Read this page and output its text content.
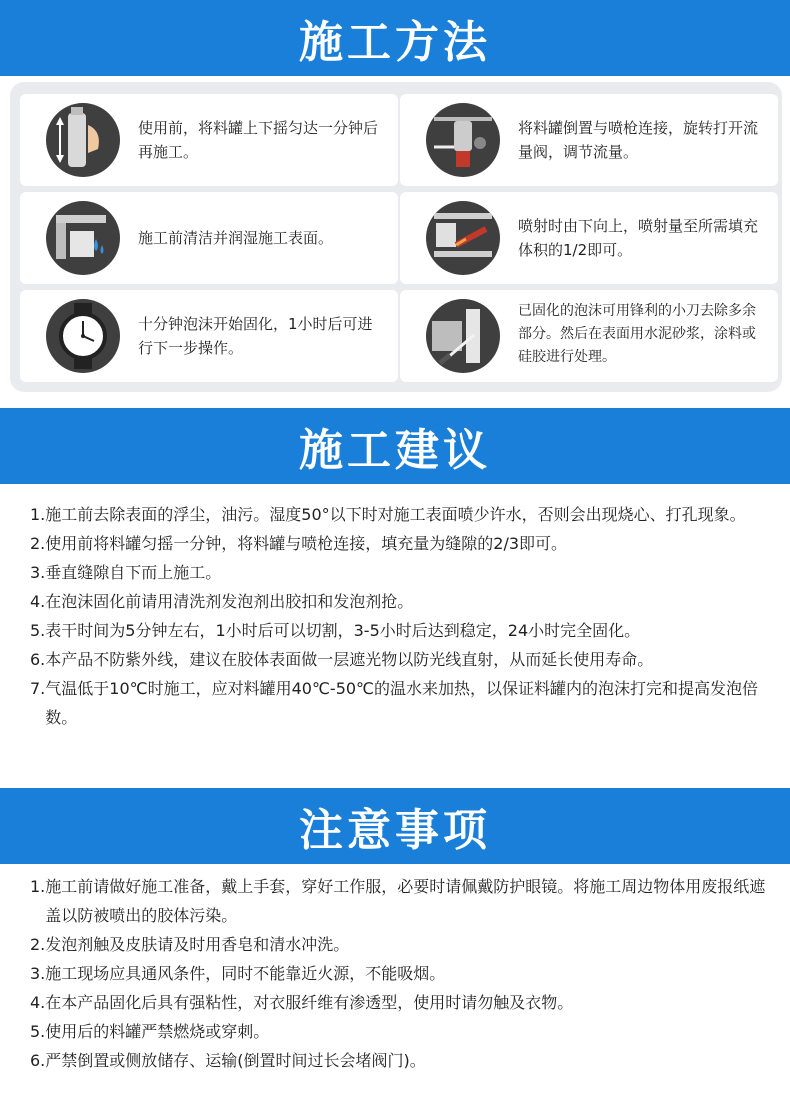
施工方法
使用前，将料罐上下摇匀达一分钟后再施工。
将料罐倒置与喷枪连接，旋转打开流量阀，调节流量。
施工前清洁并润湿施工表面。
喷射时由下向上，喷射量至所需填充体积的1/2即可。
十分钟泡沫开始固化，1小时后可进行下一步操作。
已固化的泡沫可用锋利的小刀去除多余部分。然后在表面用水泥砂浆，涂料或硅胶进行处理。
施工建议
1. 施工前去除表面的浮尘，油污。湿度50°以下时对施工表面喷少许水，否则会出现烧心、打孔现象。
2. 使用前将料罐匀摇一分钟，将料罐与喷枪连接，填充量为缝隙的2/3即可。
3. 垂直缝隙自下而上施工。
4. 在泡沫固化前请用清洗剂发泡剂出胶扣和发泡剂抢。
5. 表干时间为5分钟左右，1小时后可以切割，3-5小时后达到稳定，24小时完全固化。
6. 本产品不防紫外线，建议在胶体表面做一层遮光物以防光线直射，从而延长使用寿命。
7. 气温低于10℃时施工，应对料罐用40℃-50℃的温水来加热，以保证料罐内的泡沫打完和提高发泡倍数。
注意事项
1. 施工前请做好施工准备，戴上手套，穿好工作服，必要时请佩戴防护眼镜。将施工周边物体用废报纸遮盖以防被喷出的胶体污染。
2. 发泡剂触及皮肤请及时用香皂和清水冲洗。
3. 施工现场应具通风条件，同时不能靠近火源，不能吸烟。
4. 在本产品固化后具有强粘性，对衣服纤维有渗透型，使用时请勿触及衣物。
5. 使用后的料罐严禁燃烧或穿刺。
6. 严禁倒置或侧放储存、运输(倒置时间过长会堵阀门)。
